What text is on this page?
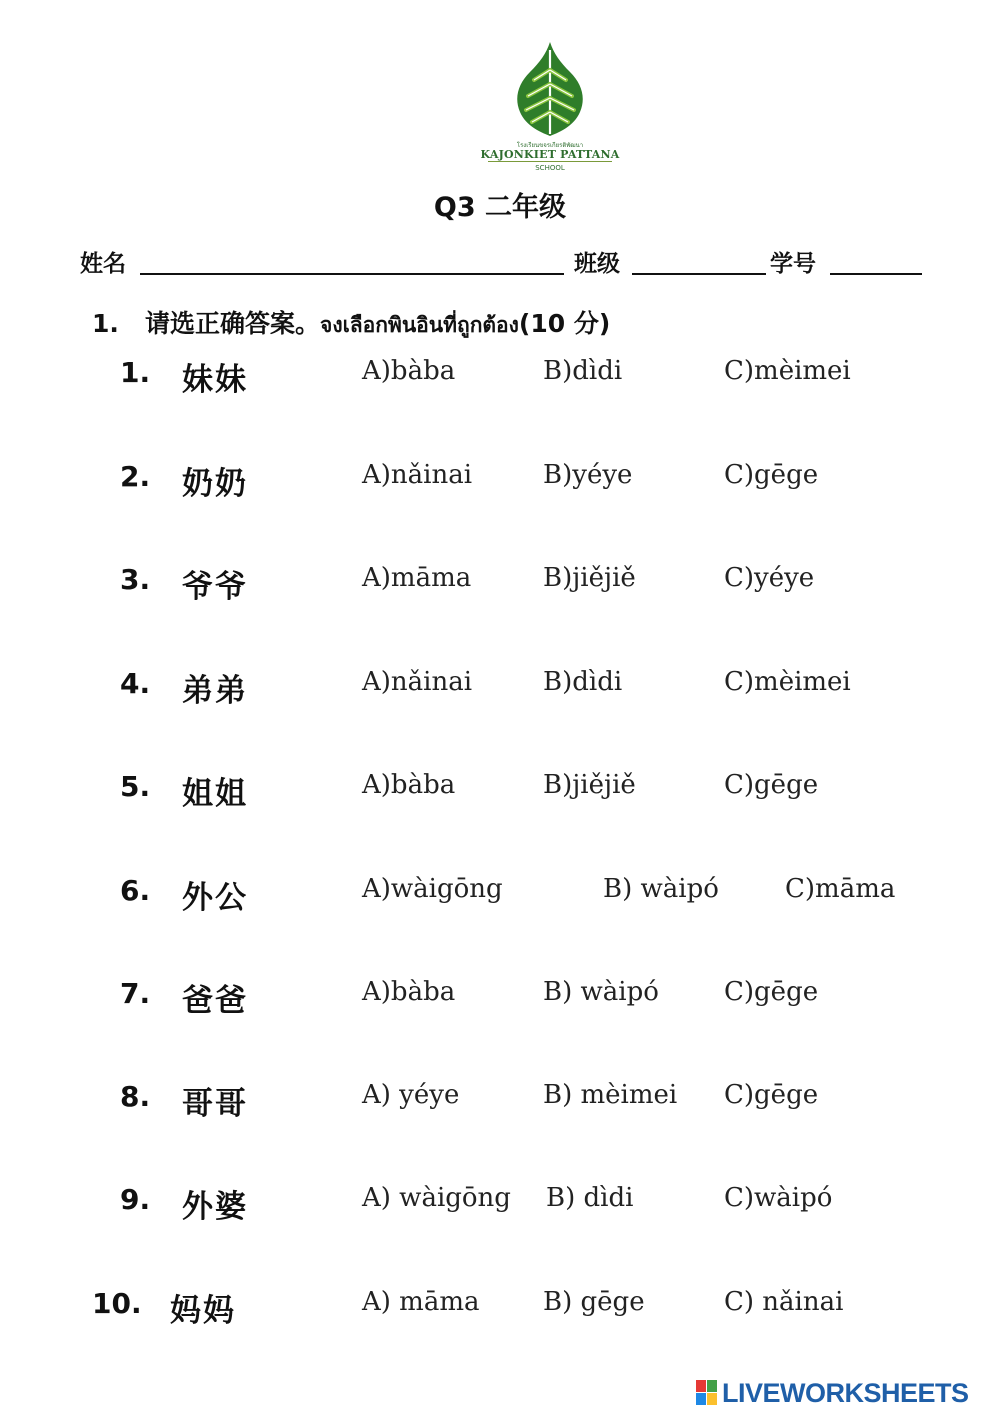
โรงเรียนขจรเกียรติพัฒนา
KAJONKIET PATTANA
SCHOOL
Q3 二年级
姓名	班级	学号
1. 请选正确答案。จงเลือกพินอินที่ถูกต้อง(10 分)
1. 妹妹	A)bàba	B)dìdi	C)mèimei
2. 奶奶	A)nǎinai	B)yéye	C)gēge
3. 爷爷	A)māma	B)jiějiě	C)yéye
4. 弟弟	A)nǎinai	B)dìdi	C)mèimei
5. 姐姐	A)bàba	B)jiějiě	C)gēge
6. 外公	A)wàigōng	B) wàipó	C)māma
7. 爸爸	A)bàba	B) wàipó	C)gēge
8. 哥哥	A) yéye	B) mèimei C)gēge
9. 外婆	A) wàigōng B) dìdi	C)wàipó
10. 妈妈	A) māma B) gēge	C) nǎinai
LIVEWORKSHEETS
